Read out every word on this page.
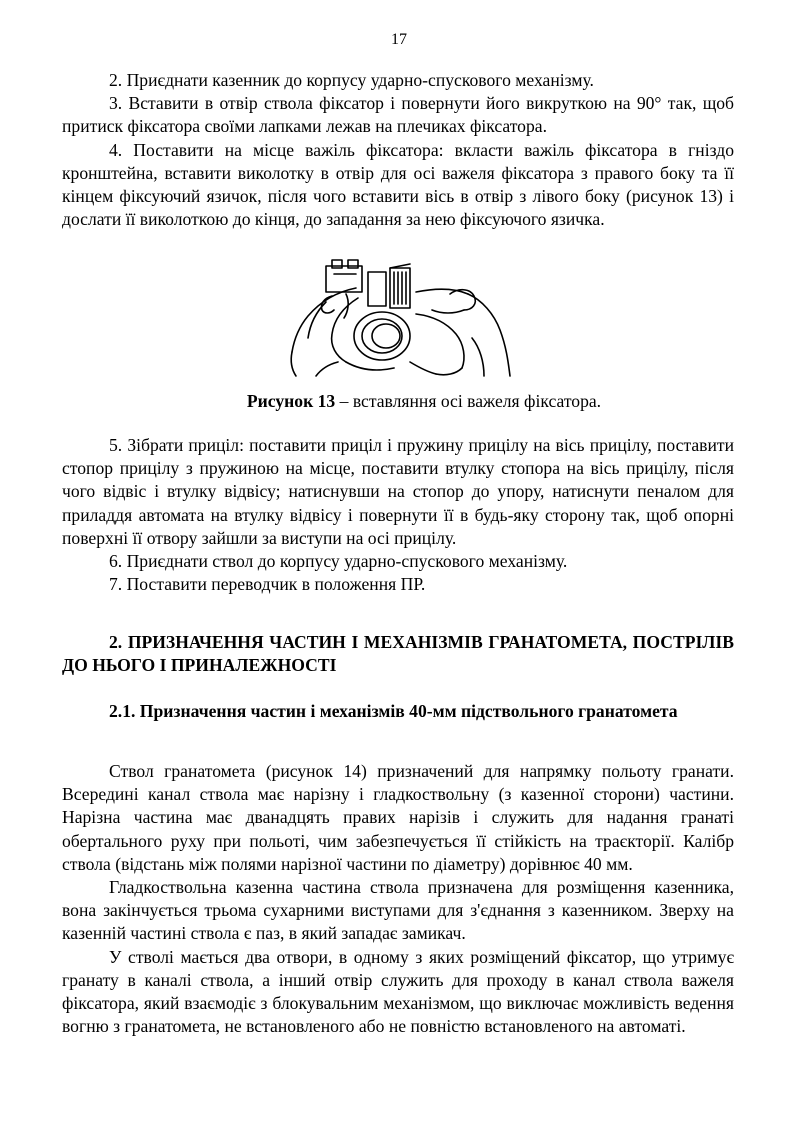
17

2. Приєднати казенник до корпусу ударно-спускового механізму.

3. Вставити в отвір ствола фіксатор і повернути його викруткою на 90° так, щоб притиск фіксатора своїми лапками лежав на плечиках фіксатора.

4. Поставити на місце важіль фіксатора: вкласти важіль фіксатора в гніздо кронштейна, вставити виколотку в отвір для осі важеля фіксатора з правого боку та її кінцем фіксуючий язичок, після чого вставити вісь в отвір з лівого боку (рисунок 13) і дослати її виколоткою до кінця, до западання за нею фіксуючого язичка.

Рисунок 13 – вставляння осі важеля фіксатора.

5. Зібрати приціл: поставити приціл і пружину прицілу на вісь прицілу, поставити стопор прицілу з пружиною на місце, поставити втулку стопора на вісь прицілу, після чого відвіс і втулку відвісу; натиснувши на стопор до упору, натиснути пеналом для приладдя автомата на втулку відвісу і повернути її в будь-яку сторону так, щоб опорні поверхні її отвору зайшли за виступи на осі прицілу.

6. Приєднати ствол до корпусу ударно-спускового механізму.

7. Поставити переводчик в положення ПР.

2. ПРИЗНАЧЕННЯ ЧАСТИН І МЕХАНІЗМІВ ГРАНАТОМЕТА, ПОСТРІЛІВ ДО НЬОГО І ПРИНАЛЕЖНОСТІ

2.1. Призначення частин і механізмів 40-мм підствольного гранатомета

Ствол гранатомета (рисунок 14) призначений для напрямку польоту гранати. Всередині канал ствола має нарізну і гладкоствольну (з казенної сторони) частини. Нарізна частина має дванадцять правих нарізів і служить для надання гранаті обертального руху при польоті, чим забезпечується її стійкість на траєкторії. Калібр ствола (відстань між полями нарізної частини по діаметру) дорівнює 40 мм.

Гладкоствольна казенна частина ствола призначена для розміщення казенника, вона закінчується трьома сухарними виступами для з'єднання з казенником. Зверху на казенній частині ствола є паз, в який западає замикач.

У стволі мається два отвори, в одному з яких розміщений фіксатор, що утримує гранату в каналі ствола, а інший отвір служить для проходу в канал ствола важеля фіксатора, який взаємодіє з блокувальним механізмом, що виключає можливість ведення вогню з гранатомета, не встановленого або не повністю встановленого на автоматі.
